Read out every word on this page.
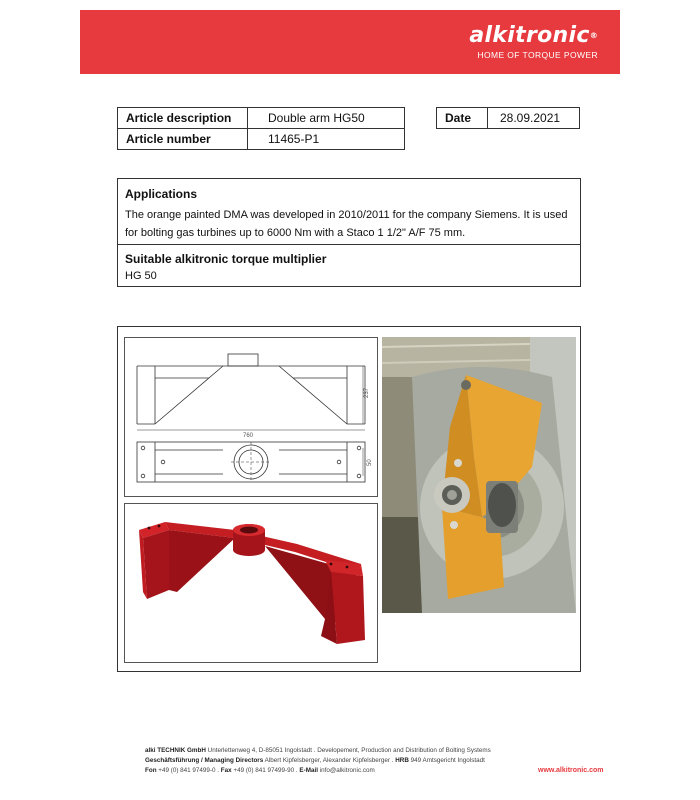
alkitronic®
HOME OF TORQUE POWER
Article description	Double arm HG50
Article number	11465-P1
Date	28.09.2021
Applications
The orange painted DMA was developed in 2010/2011 for the company Siemens. It is used
for bolting gas turbines up to 6000 Nm with a Staco 1 1/2" A/F 75 mm.
Suitable alkitronic torque multiplier
HG 50
760
237
50
alki TECHNIK GmbH Unterlettenweg 4, D-85051 Ingolstadt . Developement, Production and Distribution of Bolting Systems
Geschäftsführung / Managing Directors Albert Kipfelsberger, Alexander Kipfelsberger . HRB 949 Amtsgericht Ingolstadt
Fon +49 (0) 841 97499-0 . Fax +49 (0) 841 97499-90 . E-Mail info@alkitronic.com	www.alkitronic.com
